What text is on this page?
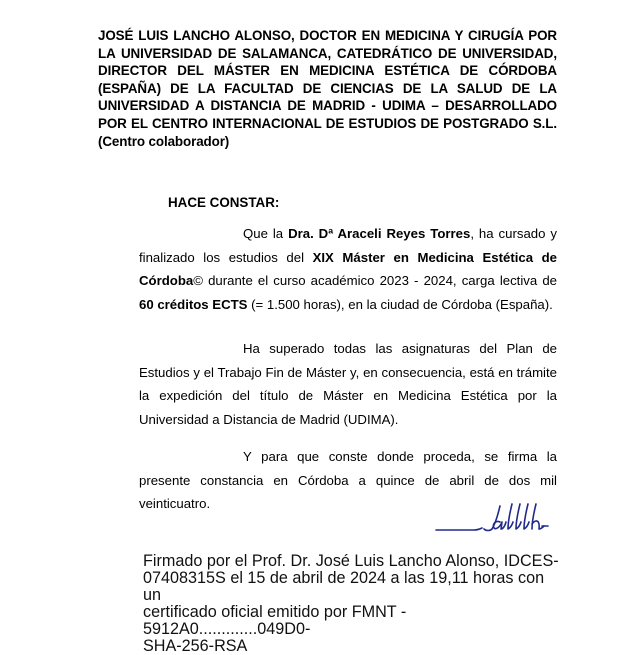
JOSÉ LUIS LANCHO ALONSO, DOCTOR EN MEDICINA Y CIRUGÍA POR LA UNIVERSIDAD DE SALAMANCA, CATEDRÁTICO DE UNIVERSIDAD, DIRECTOR DEL MÁSTER EN MEDICINA ESTÉTICA DE CÓRDOBA (ESPAÑA) DE LA FACULTAD DE CIENCIAS DE LA SALUD DE LA UNIVERSIDAD A DISTANCIA DE MADRID - UDIMA – DESARROLLADO POR EL CENTRO INTERNACIONAL DE ESTUDIOS DE POSTGRADO S.L. (Centro colaborador)
HACE CONSTAR:
Que la Dra. Dª Araceli Reyes Torres, ha cursado y finalizado los estudios del XIX Máster en Medicina Estética de Córdoba© durante el curso académico 2023 - 2024, carga lectiva de 60 créditos ECTS (= 1.500 horas), en la ciudad de Córdoba (España).
Ha superado todas las asignaturas del Plan de Estudios y el Trabajo Fin de Máster y, en consecuencia, está en trámite la expedición del título de Máster en Medicina Estética por la Universidad a Distancia de Madrid (UDIMA).
Y para que conste donde proceda, se firma la presente constancia en Córdoba a quince de abril de dos mil veinticuatro.
Firmado por el Prof. Dr. José Luis Lancho Alonso, IDCES-
07408315S el 15 de abril de 2024 a las 19,11 horas con un
certificado oficial emitido por FMNT - 5912A0.............049D0-
SHA-256-RSA
